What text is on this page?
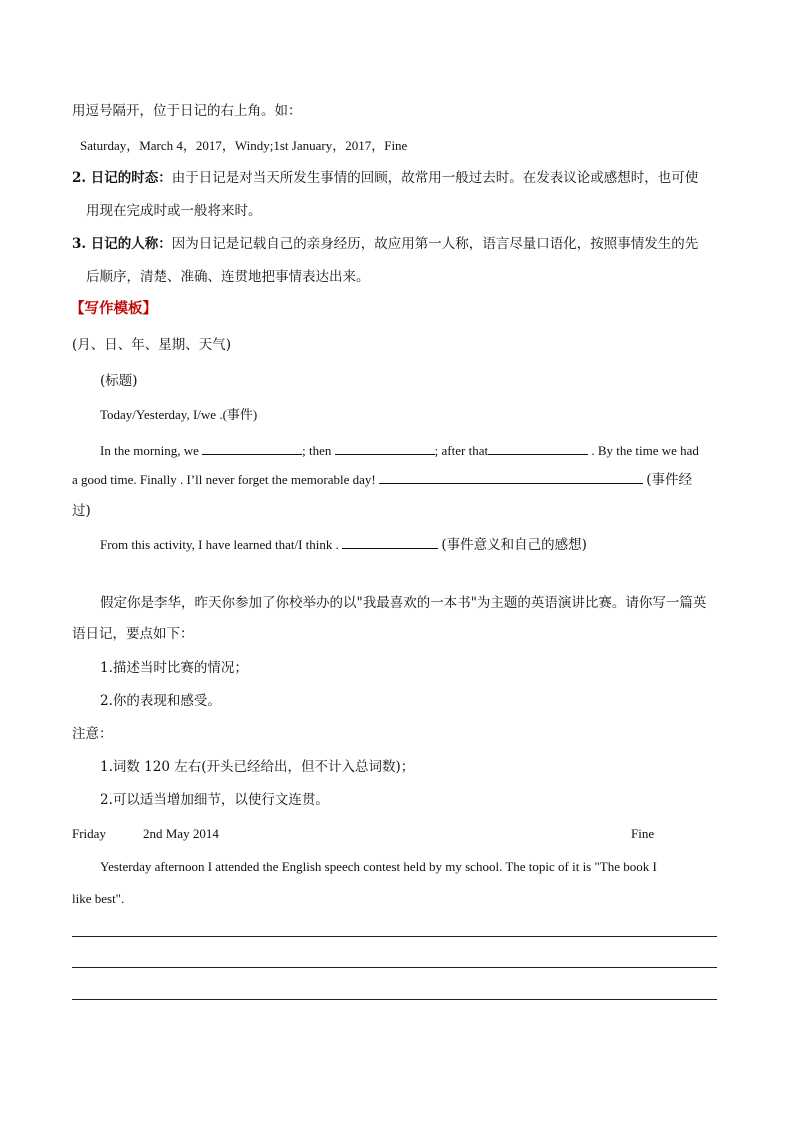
用逗号隔开，位于日记的右上角。如：
Saturday，March 4，2017，Windy;1st January，2017，Fine
2. 日记的时态：由于日记是对当天所发生事情的回顾，故常用一般过去时。在发表议论或感想时，也可使
用现在完成时或一般将来时。
3. 日记的人称：因为日记是记载自己的亲身经历，故应用第一人称，语言尽量口语化，按照事情发生的先
后顺序，清楚、准确、连贯地把事情表达出来。
【写作模板】
(月、日、年、星期、天气)
(标题)
Today/Yesterday, I/we .(事件)
In the morning, we	; then	; after that	. By the time we had
a good time. Finally . I’ll never forget the memorable day!	(事件经
过)
From this activity, I have learned that/I think .	(事件意义和自己的感想)
假定你是李华，昨天你参加了你校举办的以"我最喜欢的一本书"为主题的英语演讲比赛。请你写一篇英
语日记，要点如下：
1.描述当时比赛的情况；
2.你的表现和感受。
注意：
1.词数 120 左右(开头已经给出，但不计入总词数)；
2.可以适当增加细节，以使行文连贯。
Friday	2nd May 2014	Fine
Yesterday afternoon I attended the English speech contest held by my school. The topic of it is "The book I
like best".
